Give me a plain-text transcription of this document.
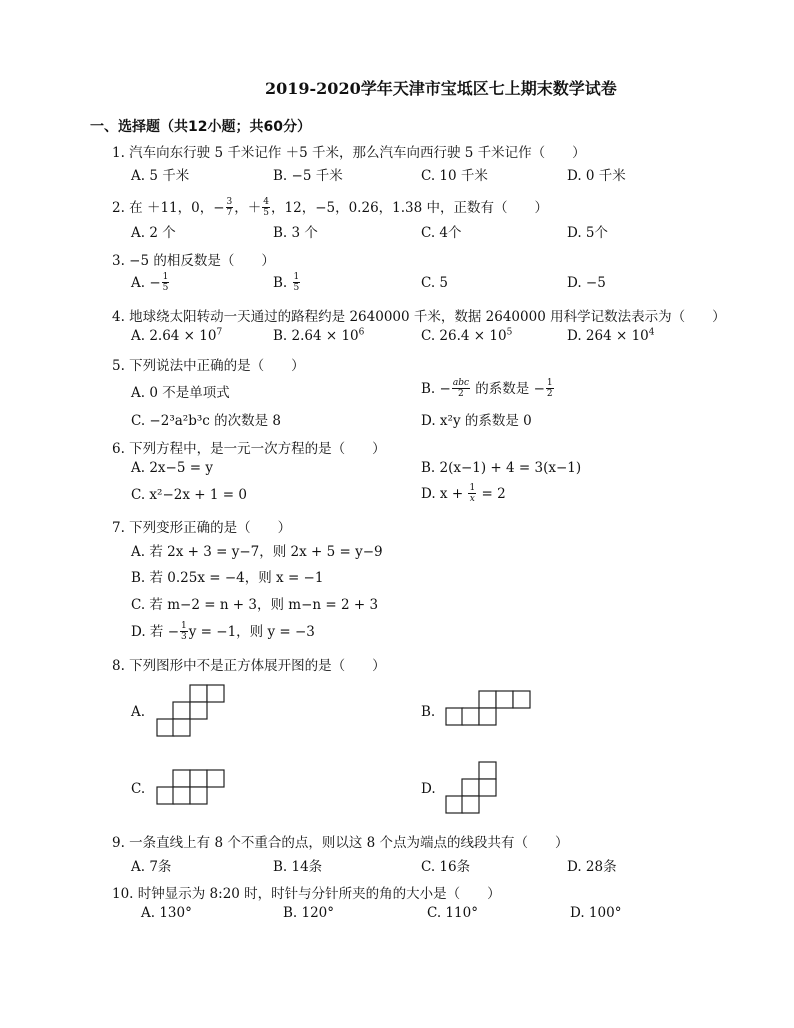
2019-2020学年天津市宝坻区七上期末数学试卷
一、选择题（共12小题；共60分）
1. 汽车向东行驶 5 千米记作 ＋5 千米，那么汽车向西行驶 5 千米记作（　　）
A. 5 千米	B. −5 千米	C. 10 千米	D. 0 千米
2. 在 ＋11，0，− $\frac{3}{7}$ ，＋ $\frac{4}{5}$ ，12，−5，0.26，1.38 中，正数有（　　）
A. 2 个	B. 3 个	C. 4个	D. 5个
3. −5 的相反数是（　　）
A. − $\frac{1}{5}$	B. $\frac{1}{5}$	C. 5	D. −5
4. 地球绕太阳转动一天通过的路程约是 2640000 千米，数据 2640000 用科学记数法表示为（　　）
A. $2.64 \times 10^7$	B. $2.64 \times 10^6$	C. $26.4 \times 10^5$	D. $264 \times 10^4$
5. 下列说法中正确的是（　　）
A. 0 不是单项式	B. − $\frac{\text{abc}}{2}$ 的系数是 − $\frac{1}{2}$
C. −2³a²b³c 的次数是 8	D. x²y 的系数是 0
6. 下列方程中，是一元一次方程的是（　　）
A. 2x−5 = y	B. 2(x−1) + 4 = 3(x−1)
C. x²−2x + 1 = 0	D. $x + \frac{1}{x} = 2$
7. 下列变形正确的是（　　）
A. 若 2x + 3 = y−7，则 2x + 5 = y−9
B. 若 0.25x = −4，则 x = −1
C. 若 m−2 = n + 3，则 m−n = 2 + 3
D. 若 − $\frac{1}{3}$ y = −1，则 y = −3
8. 下列图形中不是正方体展开图的是（　　）
A.	B.
C.	D.
9. 一条直线上有 8 个不重合的点，则以这 8 个点为端点的线段共有（　　）
A. 7条	B. 14条	C. 16条	D. 28条
10. 时钟显示为 8:20 时，时针与分针所夹的角的大小是（　　）
A. 130°	B. 120°	C. 110°	D. 100°
